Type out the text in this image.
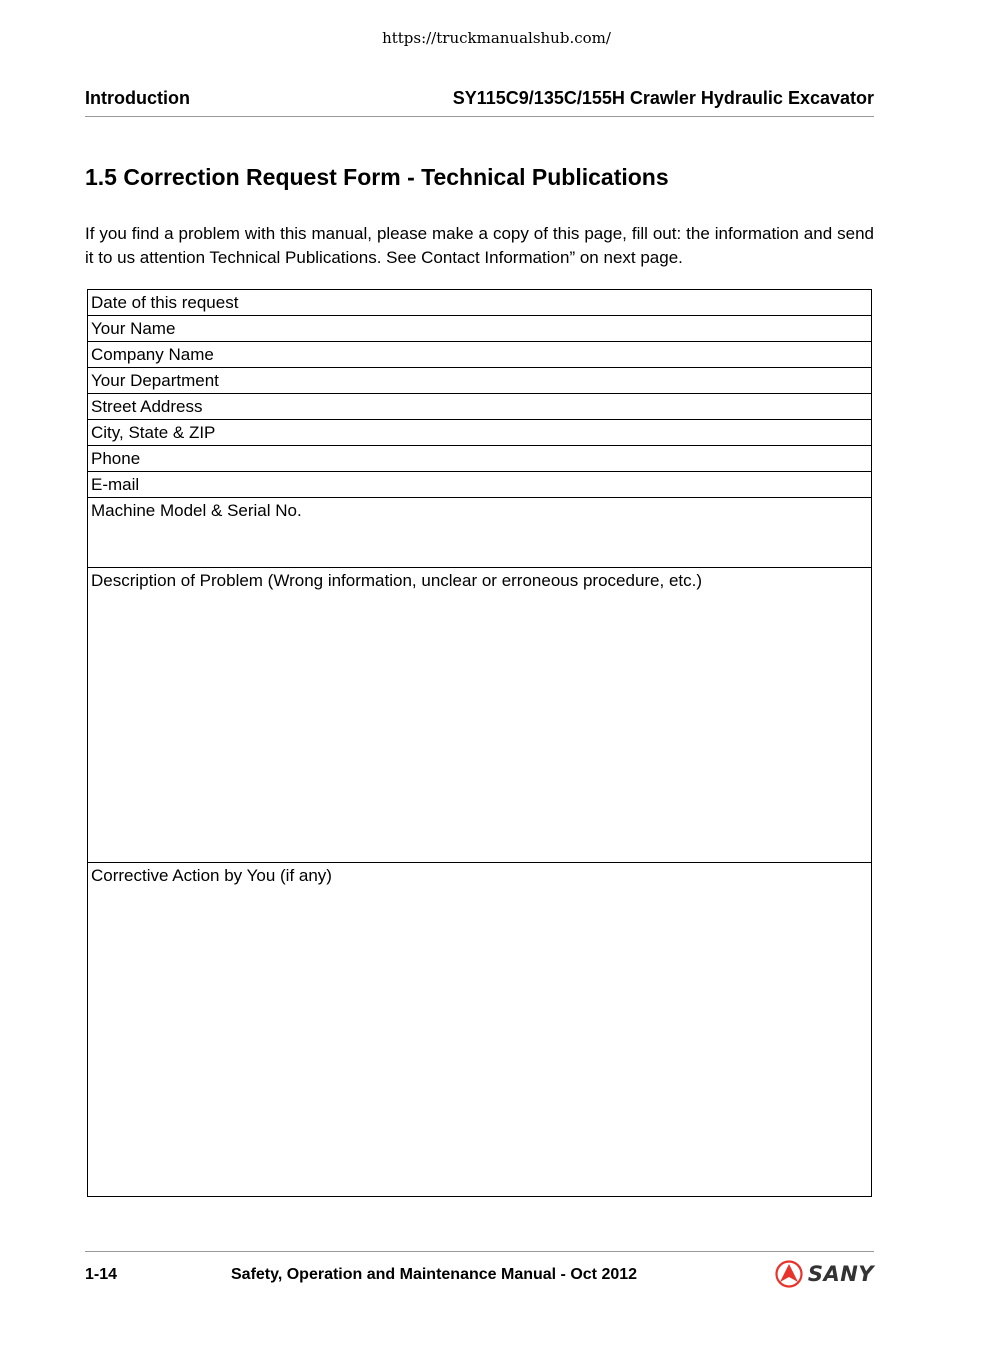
https://truckmanualshub.com/
Introduction	SY115C9/135C/155H Crawler Hydraulic Excavator
1.5 Correction Request Form - Technical Publications
If you find a problem with this manual, please make a copy of this page, fill out: the information and send it to us attention Technical Publications. See Contact Information” on next page.
Date of this request
Your Name
Company Name
Your Department
Street Address
City, State & ZIP
Phone
E-mail
Machine Model & Serial No.
Description of Problem (Wrong information, unclear or erroneous procedure, etc.)
Corrective Action by You (if any)
1-14	Safety, Operation and Maintenance Manual - Oct 2012	SANY
